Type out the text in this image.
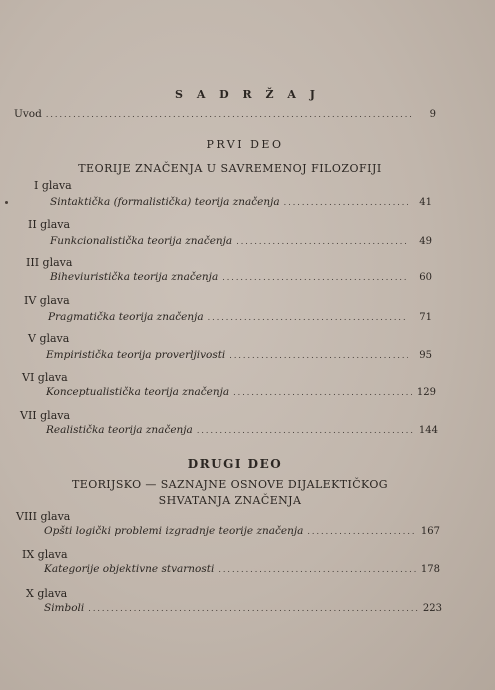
S A D R Ž A J
Uvod .....	9
PRVI DEO
TEORIJE ZNAČENJA U SAVREMENOJ FILOZOFIJI
I glava
Sintaktička (formalistička) teorija značenja .....	41
II glava
Funkcionalistička teorija značenja .....	49
III glava
Biheviuristička teorija značenja .....	60
IV glava
Pragmatička teorija značenja .....	71
V glava
Empiristička teorija proverljivosti .....	95
VI glava
Konceptualistička teorija značenja .....	129
VII glava
Realistička teorija značenja .....	144
DRUGI DEO
TEORIJSKO — SAZNAJNE OSNOVE DIJALEKTIČKOG
SHVATANJA ZNAČENJA
VIII glava
Opšti logički problemi izgradnje teorije značenja .....	167
IX glava
Kategorije objektivne stvarnosti .....	178
X glava
Simboli .....	223
